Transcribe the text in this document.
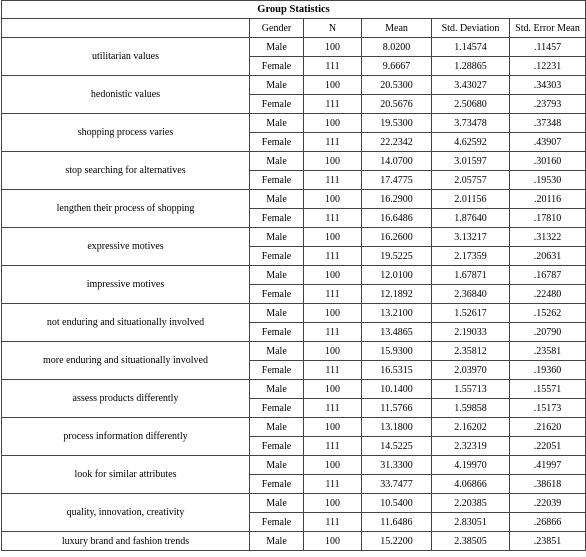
Group Statistics					
	Gender	N	Mean	Std. Deviation	Std. Error Mean
utilitarian values	Male	100	8.0200	1.14574	.11457
	Female	111	9.6667	1.28865	.12231
hedonistic values	Male	100	20.5300	3.43027	.34303
	Female	111	20.5676	2.50680	.23793
shopping process varies	Male	100	19.5300	3.73478	.37348
	Female	111	22.2342	4.62592	.43907
stop searching for alternatives	Male	100	14.0700	3.01597	.30160
	Female	111	17.4775	2.05757	.19530
lengthen their process of shopping	Male	100	16.2900	2.01156	.20116
	Female	111	16.6486	1.87640	.17810
expressive motives	Male	100	16.2600	3.13217	.31322
	Female	111	19.5225	2.17359	.20631
impressive motives	Male	100	12.0100	1.67871	.16787
	Female	111	12.1892	2.36840	.22480
not enduring and situationally involved	Male	100	13.2100	1.52617	.15262
	Female	111	13.4865	2.19033	.20790
more enduring and situationally involved	Male	100	15.9300	2.35812	.23581
	Female	111	16.5315	2.03970	.19360
assess products differently	Male	100	10.1400	1.55713	.15571
	Female	111	11.5766	1.59858	.15173
process information differently	Male	100	13.1800	2.16202	.21620
	Female	111	14.5225	2.32319	.22051
look for similar attributes	Male	100	31.3300	4.19970	.41997
	Female	111	33.7477	4.06866	.38618
quality, innovation, creativity	Male	100	10.5400	2.20385	.22039
	Female	111	11.6486	2.83051	.26866
luxury brand and fashion trends	Male	100	15.2200	2.38505	.23851
